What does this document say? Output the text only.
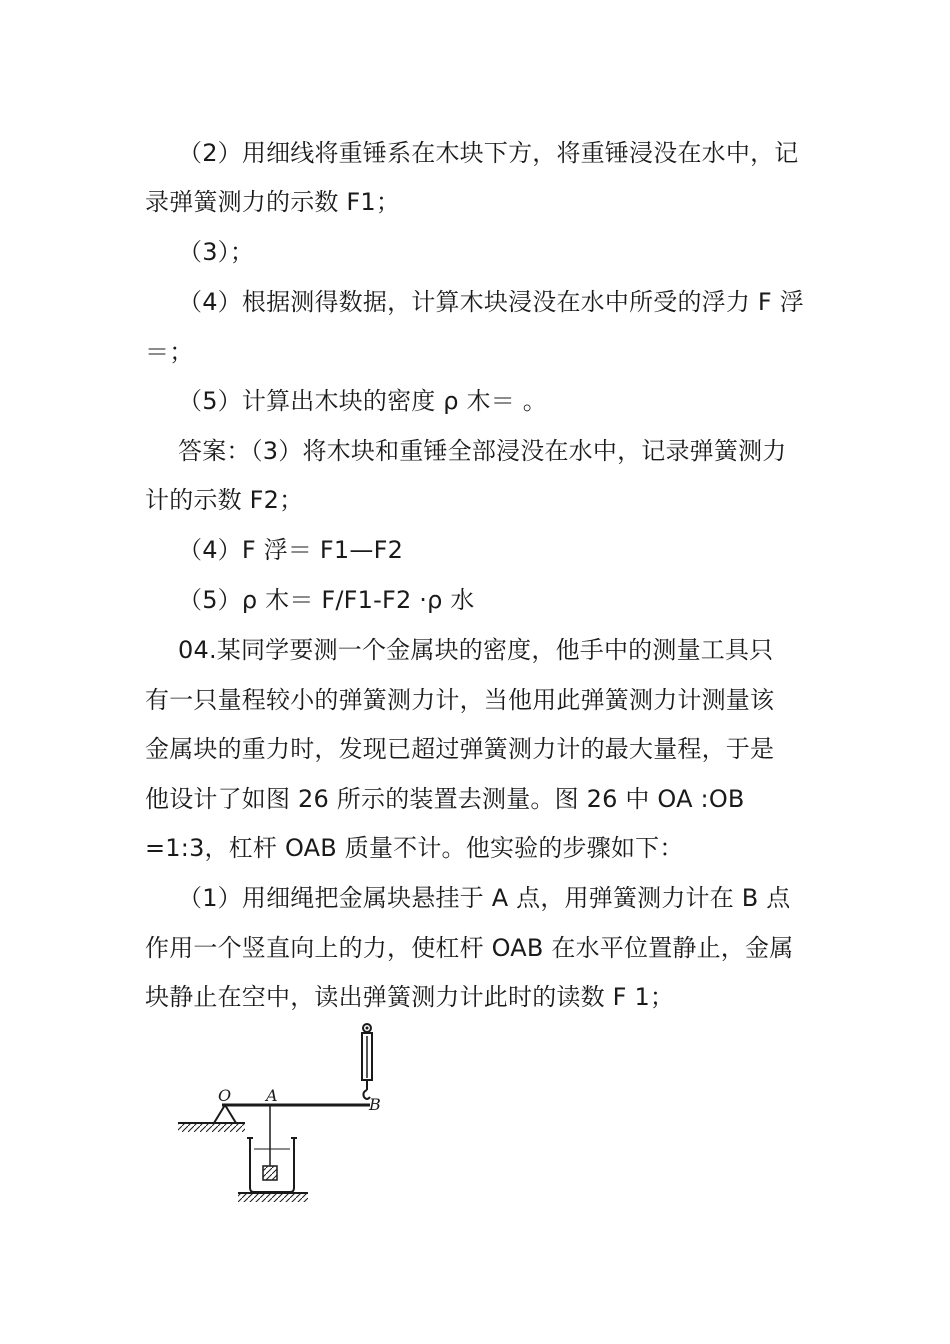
（2）用细线将重锤系在木块下方，将重锤浸没在水中，记
录弹簧测力的示数 F1；
（3）；
（4）根据测得数据，计算木块浸没在水中所受的浮力 F 浮
＝；
（5）计算出木块的密度 ρ 木＝ 。
答案：（3）将木块和重锤全部浸没在水中，记录弹簧测力
计的示数 F2；
（4）F 浮＝ F1—F2
（5）ρ 木＝ F/F1-F2 ·ρ 水
04.某同学要测一个金属块的密度，他手中的测量工具只
有一只量程较小的弹簧测力计，当他用此弹簧测力计测量该
金属块的重力时，发现已超过弹簧测力计的最大量程，于是
他设计了如图 26 所示的装置去测量。图 26 中 OA :OB
=1:3，杠杆 OAB 质量不计。他实验的步骤如下：
（1）用细绳把金属块悬挂于 A 点，用弹簧测力计在 B 点
作用一个竖直向上的力，使杠杆 OAB 在水平位置静止，金属
块静止在空中，读出弹簧测力计此时的读数 F 1；
O A	B
